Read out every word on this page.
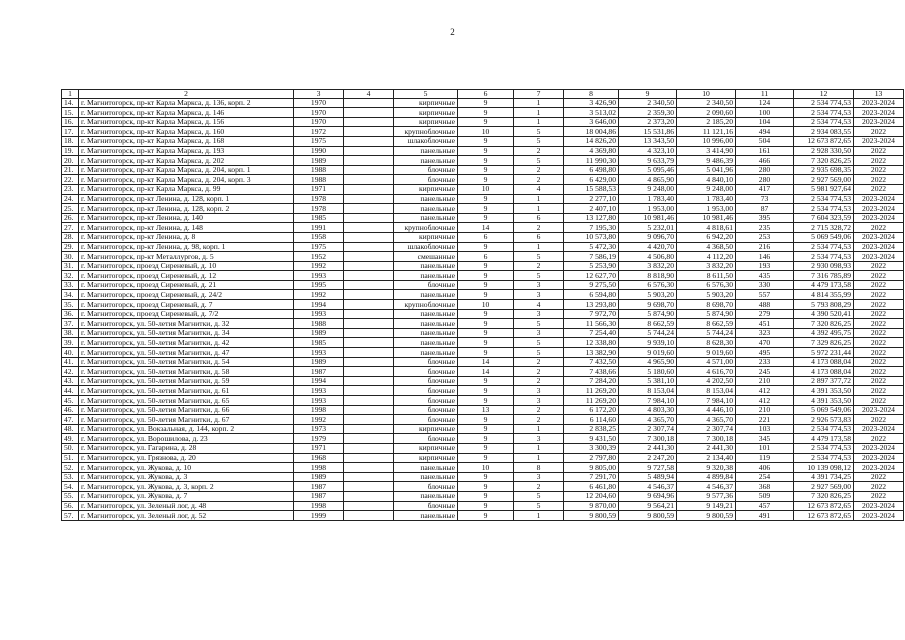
2
1	2	3	4	5	6	7	8	9	10	11	12	13
14.	г. Магнитогорск, пр-кт Карла Маркса, д. 136, корп. 2	1970		кирпичные	9	1	3 426,90	2 340,50	2 340,50	124	2 534 774,53	2023-2024
15.	г. Магнитогорск, пр-кт Карла Маркса, д. 146	1970		кирпичные	9	1	3 513,02	2 359,30	2 090,60	100	2 534 774,53	2023-2024
16.	г. Магнитогорск, пр-кт Карла Маркса, д. 156	1970		кирпичные	9	1	3 646,00	2 373,20	2 185,20	104	2 534 774,53	2023-2024
17.	г. Магнитогорск, пр-кт Карла Маркса, д. 160	1972		крупноблочные	10	5	18 004,86	15 531,86	11 121,16	494	2 934 083,55	2022
18.	г. Магнитогорск, пр-кт Карла Маркса, д. 168	1975		шлакоблочные	9	5	14 826,20	13 343,50	10 996,00	504	12 673 872,65	2023-2024
19.	г. Магнитогорск, пр-кт Карла Маркса, д. 193	1990		панельные	9	2	4 369,80	4 323,10	3 414,90	161	2 928 330,50	2022
20.	г. Магнитогорск, пр-кт Карла Маркса, д. 202	1989		панельные	9	5	11 990,30	9 633,79	9 486,39	466	7 320 826,25	2022
21.	г. Магнитогорск, пр-кт Карла Маркса, д. 204, корп. 1	1988		блочные	9	2	6 498,80	5 095,46	5 041,96	280	2 935 698,35	2022
22.	г. Магнитогорск, пр-кт Карла Маркса, д. 204, корп. 3	1988		блочные	9	2	6 429,00	4 865,90	4 840,10	280	2 927 569,00	2022
23.	г. Магнитогорск, пр-кт Карла Маркса, д. 99	1971		кирпичные	10	4	15 588,53	9 248,00	9 248,00	417	5 981 927,64	2022
24.	г. Магнитогорск, пр-кт Ленина, д. 128, корп. 1	1978		панельные	9	1	2 277,10	1 783,40	1 783,40	73	2 534 774,53	2023-2024
25.	г. Магнитогорск, пр-кт Ленина, д. 128, корп. 2	1978		панельные	9	1	2 407,10	1 953,00	1 953,00	87	2 534 774,53	2023-2024
26.	г. Магнитогорск, пр-кт Ленина, д. 140	1985		панельные	9	6	13 127,80	10 981,46	10 981,46	395	7 604 323,59	2023-2024
27.	г. Магнитогорск, пр-кт Ленина, д. 148	1991		крупноблочные	14	2	7 195,30	5 232,01	4 818,61	235	2 715 328,72	2022
28.	г. Магнитогорск, пр-кт Ленина, д. 8	1958		кирпичные	6	6	10 573,80	9 096,70	6 942,20	253	5 069 549,06	2023-2024
29.	г. Магнитогорск, пр-кт Ленина, д. 98, корп. 1	1975		шлакоблочные	9	1	5 472,30	4 420,70	4 368,50	216	2 534 774,53	2023-2024
30.	г. Магнитогорск, пр-кт Металлургов, д. 5	1952		смешанные	6	5	7 586,19	4 506,80	4 112,20	146	2 534 774,53	2023-2024
31.	г. Магнитогорск, проезд Сиреневый, д. 10	1992		панельные	9	2	5 253,90	3 832,20	3 832,20	193	2 930 098,93	2022
32.	г. Магнитогорск, проезд Сиреневый, д. 12	1993		панельные	9	5	12 627,70	8 818,90	8 611,50	435	7 316 785,89	2022
33.	г. Магнитогорск, проезд Сиреневый, д. 21	1995		блочные	9	3	9 275,50	6 576,30	6 576,30	330	4 479 173,58	2022
34.	г. Магнитогорск, проезд Сиреневый, д. 24/2	1992		панельные	9	3	6 594,80	5 903,20	5 903,20	557	4 814 355,99	2022
35.	г. Магнитогорск, проезд Сиреневый, д. 7	1994		крупноблочные	10	4	13 293,80	9 698,70	8 698,70	488	5 793 808,29	2022
36.	г. Магнитогорск, проезд Сиреневый, д. 7/2	1993		панельные	9	3	7 972,70	5 874,90	5 874,90	279	4 390 520,41	2022
37.	г. Магнитогорск, ул. 50-летия Магнитки, д. 32	1988		панельные	9	5	11 566,30	8 662,59	8 662,59	451	7 320 826,25	2022
38.	г. Магнитогорск, ул. 50-летия Магнитки, д. 34	1989		панельные	9	3	7 254,40	5 744,24	5 744,24	323	4 392 495,75	2022
39.	г. Магнитогорск, ул. 50-летия Магнитки, д. 42	1985		панельные	9	5	12 338,80	9 939,10	8 628,30	470	7 329 826,25	2022
40.	г. Магнитогорск, ул. 50-летия Магнитки, д. 47	1993		панельные	9	5	13 382,90	9 019,60	9 019,60	495	5 972 231,44	2022
41.	г. Магнитогорск, ул. 50-летия Магнитки, д. 54	1989		блочные	14	2	7 432,50	4 965,90	4 571,00	233	4 173 088,04	2022
42.	г. Магнитогорск, ул. 50-летия Магнитки, д. 58	1987		блочные	14	2	7 438,66	5 180,60	4 616,70	245	4 173 088,04	2022
43.	г. Магнитогорск, ул. 50-летия Магнитки, д. 59	1994		блочные	9	2	7 284,20	5 381,10	4 202,50	210	2 897 377,72	2022
44.	г. Магнитогорск, ул. 50-летия Магнитки, д. 61	1993		блочные	9	3	11 269,20	8 153,04	8 153,04	412	4 391 353,50	2022
45.	г. Магнитогорск, ул. 50-летия Магнитки, д. 65	1993		блочные	9	3	11 269,20	7 984,10	7 984,10	412	4 391 353,50	2022
46.	г. Магнитогорск, ул. 50-летия Магнитки, д. 66	1998		блочные	13	2	6 172,20	4 803,30	4 446,10	210	5 069 549,06	2023-2024
47.	г. Магнитогорск, ул. 50-летия Магнитки, д. 67	1992		блочные	9	2	6 114,60	4 365,70	4 365,70	221	2 926 573,83	2022
48.	г. Магнитогорск, ул. Вокзальная, д. 144, корп. 2	1973		кирпичные	9	1	2 838,25	2 307,74	2 307,74	103	2 534 774,53	2023-2024
49.	г. Магнитогорск, ул. Ворошилова, д. 23	1979		блочные	9	3	9 431,50	7 300,18	7 300,18	345	4 479 173,58	2022
50.	г. Магнитогорск, ул. Гагарина, д. 28	1971		кирпичные	9	1	3 300,39	2 441,30	2 441,30	101	2 534 774,53	2023-2024
51.	г. Магнитогорск, ул. Грязнова, д. 20	1968		кирпичные	9	1	2 797,80	2 247,20	2 134,40	119	2 534 774,53	2023-2024
52.	г. Магнитогорск, ул. Жукова, д. 10	1998		панельные	10	8	9 805,00	9 727,58	9 320,38	406	10 139 098,12	2023-2024
53.	г. Магнитогорск, ул. Жукова, д. 3	1989		панельные	9	3	7 291,70	5 489,94	4 899,84	254	4 391 734,25	2022
54.	г. Магнитогорск, ул. Жукова, д. 3, корп. 2	1987		блочные	9	2	6 461,80	4 546,37	4 546,37	368	2 927 569,00	2022
55.	г. Магнитогорск, ул. Жукова, д. 7	1987		панельные	9	5	12 204,60	9 694,96	9 577,36	509	7 320 826,25	2022
56.	г. Магнитогорск, ул. Зеленый лог, д. 48	1998		блочные	9	5	9 870,00	9 564,21	9 149,21	457	12 673 872,65	2023-2024
57.	г. Магнитогорск, ул. Зеленый лог, д. 52	1999		панельные	9	1	9 800,59	9 800,59	9 800,59	491	12 673 872,65	2023-2024
